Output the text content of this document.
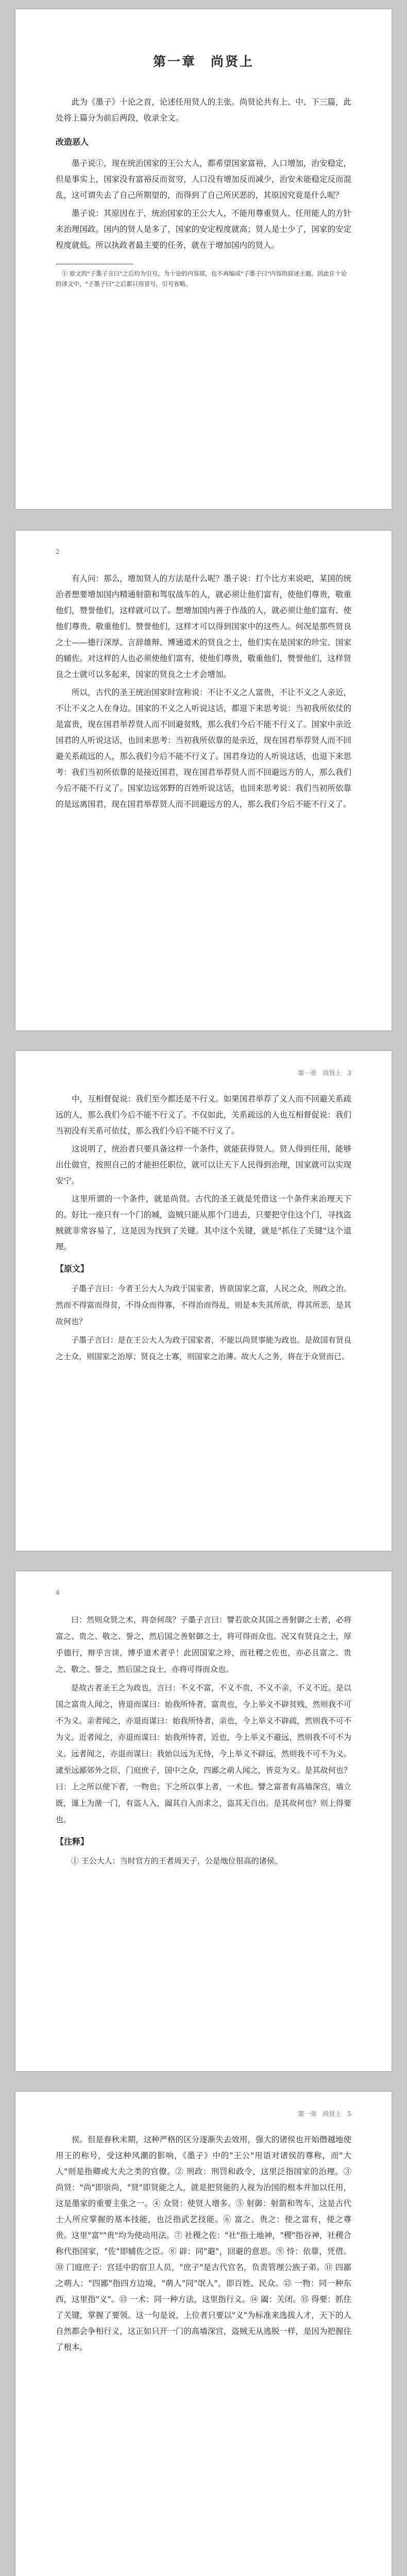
第一章　尚贤上

此为《墨子》十论之首，论述任用贤人的主张。尚贤论共有上、中、下三篇，此处将上篇分为前后两段，收录全文。

改造恶人

墨子说①，现在统治国家的王公大人，都希望国家富裕，人口增加，治安稳定，但是事实上，国家没有富裕反而贫穷，人口没有增加反而减少，治安未能稳定反而混乱，这可谓失去了自己所期望的，而得到了自己所厌恶的，其原因究竟是什么呢？

墨子说：其原因在于，统治国家的王公大人，不能用尊重贤人、任用能人的方针来治理国政。国内的贤人是多了，国家的安定程度就高；贤人是士少了，国家的安定程度就低。所以执政者最主要的任务，就在于增加国内的贤人。

① 原文的"子墨子言曰"之后均为引号，为十论的内容部，也不再编成"子墨子曰"内容的叙述主题。因此在十论的译文中，"子墨子曰"之后都只用冒号，引号省略。

2

有人问：那么，增加贤人的方法是什么呢？墨子说：打个比方来说吧，某国的统治者想要增加国内精通射箭和驾驭战车的人，就必须让他们富有，使他们尊贵，敬重他们，赞誉他们，这样就可以了。想增加国内善于作战的人，就必须让他们富有、使他们尊贵、敬重他们、赞誉他们，这样才可以得到国家中的这些人。何况是那些贤良之士——德行深厚、言辞雄辩、博通道术的贤良之士，他们实在是国家的珍宝、国家的辅佐。对这样的人也必须使他们富有，使他们尊贵，敬重他们，赞誉他们，这样贤良之士就可以多起来，国家的贤良之士才会增加。

所以，古代的圣王统治国家时宣称说：不让不义之人富贵，不让不义之人亲近，不让不义之人在身边。国家的不义之人听说这话，都退下来思考说：当初我所依仗的是富贵，现在国君举荐贤人而不回避贫贱，那么我们今后不能不行义了。国家中亲近国君的人听说这话，也回来思考：当初我所依靠的是亲近，现在国君举荐贤人而不回避关系疏远的人，那么我们今后不能不行义了。国君身边的人听说这话，也退下来思考：我们当初所依靠的是接近国君，现在国君举荐贤人而不回避远方的人，那么我们今后不能不行义了。国家边远郊野的百姓听说这话，也回来思考说：我们当初所依靠的是远离国君，现在国君举荐贤人而不回避远方的人，那么我们今后不能不行义了。

第一章　尚贤上　3

中，互相督促说：我们至今都还是不行义。如果国君举荐了义人而不回避关系疏远的人，那么我们今后不能不行义了。不仅如此，关系疏远的人也互相督促说：我们当初没有关系可依仗，那么我们今后不能不行义了。

这说明了，统治者只要具备这样一个条件，就能获得贤人。贤人得到任用，能够出仕做官，按照自己的才能担任职位，就可以让天下人民得到治理，国家就可以实现安宁。

这里所谓的一个条件，就是尚贤。古代的圣王就是凭借这一个条件来治理天下的。好比一座只有一个门的城，盗贼只能从那个门进去，只要把守住这个门，寻找盗贼就非常容易了，这是因为找到了关键。其中这个关键，就是"抓住了关键"这个道理。

【原文】

子墨子言曰：今者王公大人为政于国家者，皆欲国家之富，人民之众，刑政之治。然而不得富而得贫，不得众而得寡，不得治而得乱，则是本失其所欲，得其所恶，是其故何也？

子墨子言曰：是在王公大人为政于国家者，不能以尚贤事能为政也。是故国有贤良之士众，则国家之治厚；贤良之士寡，则国家之治薄。故大人之务，将在于众贤而已。

4

曰：然则众贤之术，将奈何哉？子墨子言曰：譬若欲众其国之善射御之士者，必将富之、贵之、敬之、誉之，然后国之善射御之士，将可得而众也。况又有贤良之士，厚乎德行，辩乎言谈，博乎道术者乎！此固国家之珍，而社稷之佐也，亦必且富之、贵之、敬之、誉之，然后国之良士，亦将可得而众也。

是故古者圣王之为政也，言曰：不义不富，不义不贵，不义不亲，不义不近。是以国之富贵人闻之，皆退而谋曰：始我所恃者，富贵也，今上举义不辟贫贱，然则我不可不为义。亲者闻之，亦退而谋曰：始我所恃者，亲也，今上举义不辟疏，然则我不可不为义。近者闻之，亦退而谋曰：始我所恃者，近也，今上举义不避远，然则我不可不为义。远者闻之，亦退而谋曰：我始以远为无恃，今上举义不辟远，然则我不可不为义。逮至远鄙郊外之臣，门庭庶子，国中之众，四鄙之萌人闻之，皆竞为义。是其故何也？曰：上之所以使下者，一物也；下之所以事上者，一术也。譬之富者有高墙深宫，墙立既，谨上为凿一门，有盗人入，阖其自入而求之，盗其无自出。是其故何也？则上得要也。

【注释】

① 王公大人：当时官方的王者周天子，公是地位很高的诸侯。

第一章　尚贤上　5

侯。但是春秋末期，这种严格的区分逐渐失去效用，强大的诸侯也开始僭越地使用王的称号，受这种风潮的影响，《墨子》中的"王公"用语对诸侯的尊称，而"大人"则是指卿或大夫之类的官僚。② 刑政：刑罚和政令，这里泛指国家的治理。③ 尚贤："尚"即崇尚，"贤"即贤能之人，就是把贤能的人视为治国的根本并加以任用，这是墨家的重要主张之一。④ 众贤：使贤人增多。⑤ 射御：射箭和驾车，这是古代士人所应掌握的基本技能，也泛指武艺技能。⑥ 富之、贵之：使之富有，使之尊贵。这里"富""贵"均为使动用法。⑦ 社稷之佐："社"指土地神，"稷"指谷神，社稷合称代指国家，"佐"即辅佐之臣。⑧ 辟：同"避"，回避的意思。⑨ 恃：依靠，凭借。⑩ 门庭庶子：宫廷中的宿卫人员，"庶子"是古代官名，负责管理公族子弟。⑪ 四鄙之萌人："四鄙"指四方边境，"萌人"同"氓人"，即百姓、民众。⑫ 一物：同一种东西，这里指"义"。⑬ 一术：同一种方法，这里指行义。⑭ 阖：关闭。⑮ 得要：抓住了关键，掌握了要领。这一句是说，上位者只要以"义"为标准来选拔人才，天下的人自然都会争相行义，这正如只开一门的高墙深宫，盗贼无从逃脱一样，是因为把握住了根本。
